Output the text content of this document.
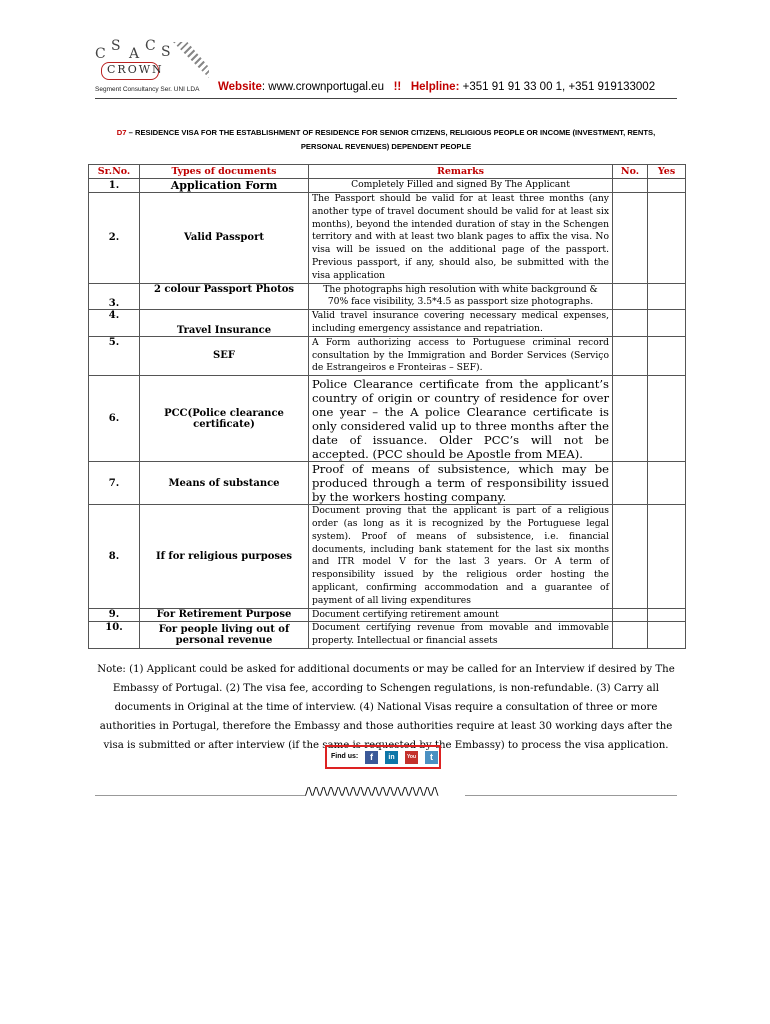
C S A C S
CROWN
Segment Consultancy Ser. UNI LDA Website: www.crownportugal.eu !! Helpline: +351 91 91 33 00 1, +351 919133002
D7 – RESIDENCE VISA FOR THE ESTABLISHMENT OF RESIDENCE FOR SENIOR CITIZENS, RELIGIOUS PEOPLE OR INCOME (INVESTMENT, RENTS, PERSONAL REVENUES) DEPENDENT PEOPLE
Sr.No.	Types of documents	Remarks	No.	Yes
1.	Application Form	Completely Filled and signed By The Applicant		
2.	Valid Passport	The Passport should be valid for at least three months (any another type of travel document should be valid for at least six months), beyond the intended duration of stay in the Schengen territory and with at least two blank pages to affix the visa. No visa will be issued on the additional page of the passport. Previous passport, if any, should also, be submitted with the visa application		
3.	2 colour Passport Photos	The photographs high resolution with white background & 70% face visibility, 3.5*4.5 as passport size photographs.		
4.	Travel Insurance	Valid travel insurance covering necessary medical expenses, including emergency assistance and repatriation.		
5.	SEF	A Form authorizing access to Portuguese criminal record consultation by the Immigration and Border Services (Serviço de Estrangeiros e Fronteiras – SEF).		
6.	PCC(Police clearance certificate)	Police Clearance certificate from the applicant’s country of origin or country of residence for over one year – the A police Clearance certificate is only considered valid up to three months after the date of issuance. Older PCC’s will not be accepted. (PCC should be Apostle from MEA).		
7.	Means of substance	Proof of means of subsistence, which may be produced through a term of responsibility issued by the workers hosting company.		
8.	If for religious purposes	Document proving that the applicant is part of a religious order (as long as it is recognized by the Portuguese legal system). Proof of means of subsistence, i.e. financial documents, including bank statement for the last six months and ITR model V for the last 3 years. Or A term of responsibility issued by the religious order hosting the applicant, confirming accommodation and a guarantee of payment of all living expenditures		
9.	For Retirement Purpose	Document certifying retirement amount		
10.	For people living out of personal revenue	Document certifying revenue from movable and immovable property. Intellectual or financial assets		
Note: (1) Applicant could be asked for additional documents or may be called for an Interview if desired by The Embassy of Portugal. (2) The visa fee, according to Schengen regulations, is non-refundable. (3) Carry all documents in Original at the time of interview. (4) National Visas require a consultation of three or more authorities in Portugal, therefore the Embassy and those authorities require at least 30 working days after the visa is submitted or after interview (if the same is requested by the Embassy) to process the visa application.
Find us:	f	in	You	t
/\/\/\/\/\/\/\/\/\/\/\/\/\/\/\/\/\/\
